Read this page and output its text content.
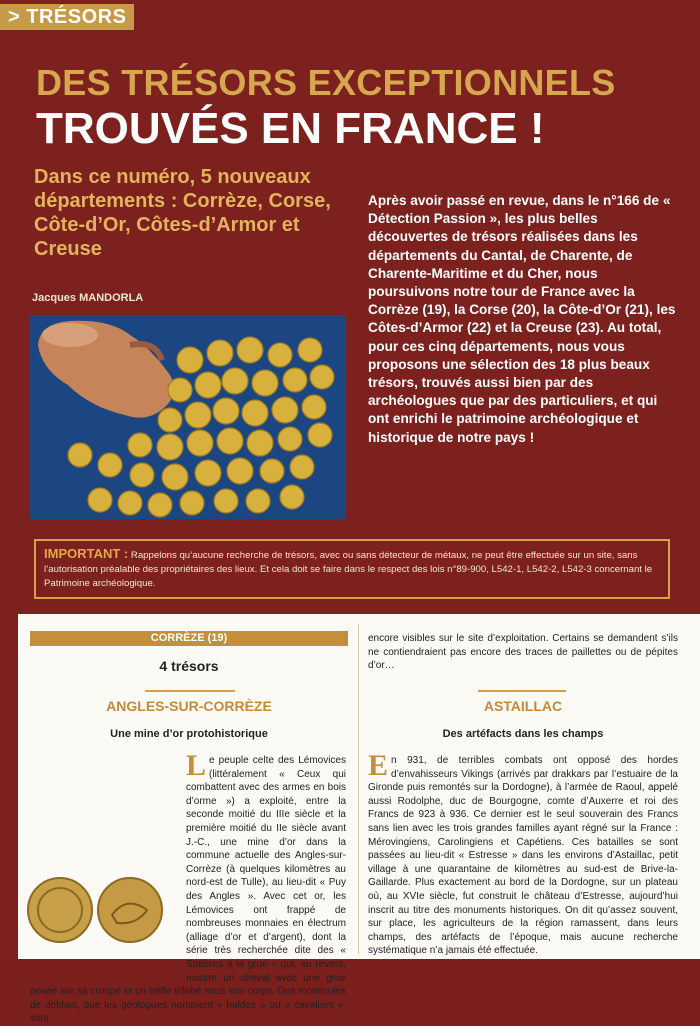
> TRÉSORS
DES TRÉSORS EXCEPTIONNELS
TROUVÉS EN FRANCE !
Dans ce numéro, 5 nouveaux départements : Corrèze, Corse, Côte-d’Or, Côtes-d’Armor et Creuse
Jacques MANDORLA
Après avoir passé en revue, dans le n°166 de « Détection Passion », les plus belles découvertes de trésors réalisées dans les départements du Cantal, de Charente, de Charente-Maritime et du Cher, nous poursuivons notre tour de France avec la Corrèze (19), la Corse (20), la Côte-d’Or (21), les Côtes-d’Armor (22) et la Creuse (23). Au total, pour ces cinq départements, nous vous proposons une sélection des 18 plus beaux trésors, trouvés aussi bien par des archéologues que par des particuliers, et qui ont enrichi le patrimoine archéologique et historique de notre pays !
IMPORTANT : Rappelons qu’aucune recherche de trésors, avec ou sans détecteur de métaux, ne peut être effectuée sur un site, sans l’autorisation préalable des propriétaires des lieux. Et cela doit se faire dans le respect des lois n°89-900, L542-1, L542-2, L542-3 concernant le Patrimoine archéologique.
CORRÈZE (19)
4 trésors
ANGLES-SUR-CORRÈZE
Une mine d’or protohistorique
Le peuple celte des Lémovices (littéralement « Ceux qui combattent avec des armes en bois d’orme ») a exploité, entre la seconde moitié du IIIe siècle et la première moitié du IIe siècle avant J.-C., une mine d’or dans la commune actuelle des Angles-sur-Corrèze (à quelques kilomètres au nord-est de Tulle), au lieu-dit « Puy des Angles ». Avec cet or, les Lémovices ont frappé de nombreuses monnaies en électrum (alliage d’or et d’argent), dont la série très recherchée dite des « Statères à la grue » qui, au revers, montre un cheval avec une grue posée sur sa croupe et un trèfle trilobé sous son corps. Des monticules de déblais, que les géologues nomment « haldes » ou « cavaliers », sont
encore visibles sur le site d’exploitation. Certains se demandent s’ils ne contiendraient pas encore des traces de paillettes ou de pépites d’or…
ASTAILLAC
Des artéfacts dans les champs
En 931, de terribles combats ont opposé des hordes d’envahisseurs Vikings (arrivés par drakkars par l’estuaire de la Gironde puis remontés sur la Dordogne), à l’armée de Raoul, appelé aussi Rodolphe, duc de Bourgogne, comte d’Auxerre et roi des Francs de 923 à 936. Ce dernier est le seul souverain des Francs sans lien avec les trois grandes familles ayant régné sur la France : Mérovingiens, Carolingiens et Capétiens. Ces batailles se sont passées au lieu-dit « Estresse » dans les environs d’Astaillac, petit village à une quarantaine de kilomètres au sud-est de Brive-la-Gaillarde. Plus exactement au bord de la Dordogne, sur un plateau où, au XVIe siècle, fut construit le château d’Estresse, aujourd’hui inscrit au titre des monuments historiques. On dit qu’assez souvent, sur place, les agriculteurs de la région ramassent, dans leurs champs, des artéfacts de l’époque, mais aucune recherche systématique n’a jamais été effectuée.
